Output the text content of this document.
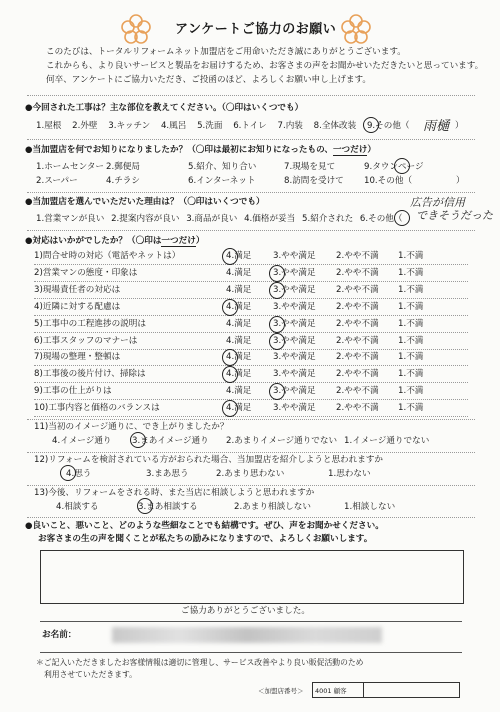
アンケートご協力のお願い
このたびは、トータルリフォームネット加盟店をご用命いただき誠にありがとうございます。
これからも、より良いサービスと製品をお届けするため、お客さまの声をお聞かせいただきたいと思っています。
何卒、アンケートにご協力いただき、ご投函のほど、よろしくお願い申し上げます。
●今回された工事は？主な部位を教えてください。（〇印はいくつでも）
1.屋根 2.外壁 3.キッチン 4.風呂 5.洗面 6.トイレ 7.内装 8.全体改装 9.その他（ 雨樋 ）
●当加盟店を何でお知りになりましたか？（〇印は最初にお知りになったもの、一つだけ）
1.ホームセンター 2.郵便局	5.紹介、知り合い	7.現場を見て	9.タウンページ
2.スーパー	4.チラシ	6.インターネット	8.訪問を受けて 10.その他（	）
●当加盟店を選んでいただいた理由は？（〇印はいくつでも）
1.営業マンが良い 2.提案内容が良い 3.商品が良い 4.価格が妥当 5.紹介された 6.その他（
広告が信用
できそうだった
●対応はいかがでしたか？（〇印は一つだけ）
1)問合せ時の対応（電話やネットは）	4.満足	3.やや満足 2.やや不満 1.不満
2)営業マンの態度・印象は	4.満足	3.やや満足 2.やや不満 1.不満
3)現場責任者の対応は	4.満足	3.やや満足 2.やや不満 1.不満
4)近隣に対する配慮は	4.満足	3.やや満足 2.やや不満 1.不満
5)工事中の工程進捗の説明は	4.満足	3.やや満足 2.やや不満 1.不満
6)工事スタッフのマナーは	4.満足	3.やや満足 2.やや不満 1.不満
7)現場の整理・整頓は	4.満足	3.やや満足 2.やや不満 1.不満
8)工事後の後片付け、掃除は	4.満足	3.やや満足 2.やや不満 1.不満
9)工事の仕上がりは	4.満足	3.やや満足 2.やや不満 1.不満
10)工事内容と価格のバランスは	4.満足	3.やや満足 2.やや不満 1.不満
11)当初のイメージ通りに、でき上がりましたか？
4.イメージ通り 3.まあイメージ通り 2.あまりイメージ通りでない 1.イメージ通りでない
12)リフォームを検討されている方がおられた場合、当加盟店を紹介しようと思われますか
4.思う	3.まあ思う	2.あまり思わない	1.思わない
13)今後、リフォームをされる時、また当店に相談しようと思われますか
4.相談する	3.まあ相談する	2.あまり相談しない	1.相談しない
●良いこと、悪いこと、どのような些細なことでも結構です。ぜひ、声をお聞かせください。
お客さまの生の声を聞くことが私たちの励みになりますので、よろしくお願いします。
ご協力ありがとうございました。
お名前：
＊ご記入いただきましたお客様情報は適切に管理し、サービス改善やより良い販促活動のため
利用させていただきます。
＜加盟店番号＞ 4001 顧客
